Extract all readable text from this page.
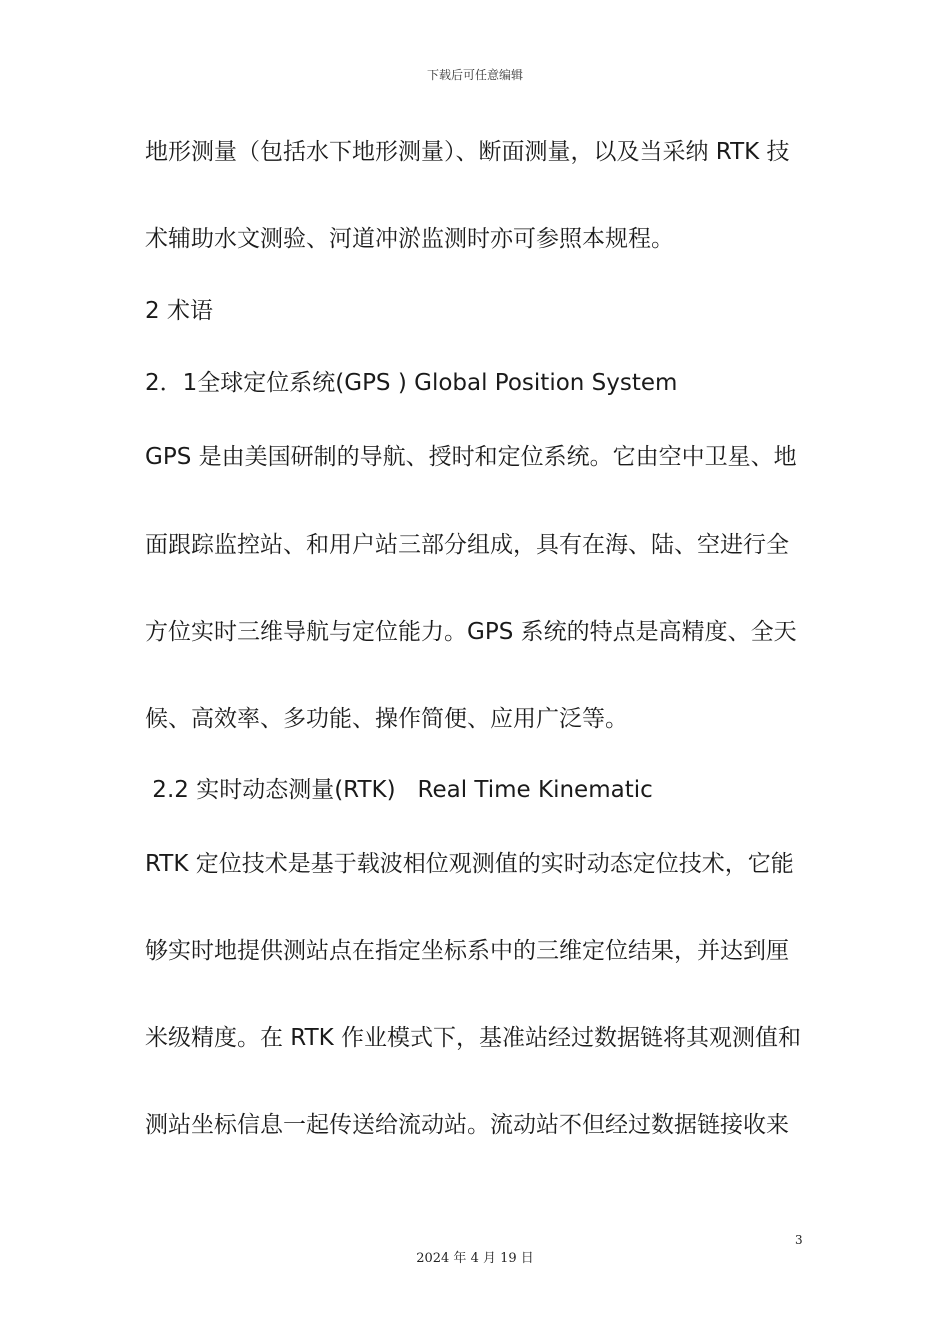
下载后可任意编辑
地形测量（包括水下地形测量）、断面测量，以及当采纳 RTK 技
术辅助水文测验、河道冲淤监测时亦可参照本规程。
2 术语
2．1全球定位系统(GPS ) Global Position System
GPS 是由美国研制的导航、授时和定位系统。它由空中卫星、地
面跟踪监控站、和用户站三部分组成，具有在海、陆、空进行全
方位实时三维导航与定位能力。GPS 系统的特点是高精度、全天
候、高效率、多功能、操作简便、应用广泛等。
2.2 实时动态测量(RTK)   Real Time Kinematic
RTK 定位技术是基于载波相位观测值的实时动态定位技术，它能
够实时地提供测站点在指定坐标系中的三维定位结果，并达到厘
米级精度。在 RTK 作业模式下，基准站经过数据链将其观测值和
测站坐标信息一起传送给流动站。流动站不但经过数据链接收来
3
2024 年 4 月 19 日
